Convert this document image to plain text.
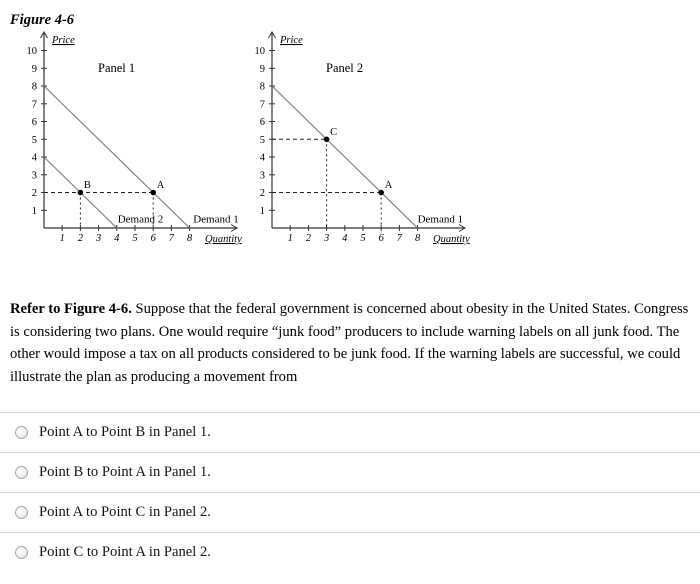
Figure 4-6
1
2
3
4
5
6
7
8
9
10
1 2 3 4 5 6 7 8
Price
Quantity
Panel 1
Demand 1
Demand 2
B	A
1
2
3
4
5
6
7
8
9
10
1 2 3 4 5 6 7 8
Price
Quantity
Panel 2
Demand 1
C
A

Refer to Figure 4-6. Suppose that the federal government is concerned about obesity in the United States. Congress is considering two plans. One would require “junk food” producers to include warning labels on all junk food. The other would impose a tax on all products considered to be junk food. If the warning labels are successful, we could illustrate the plan as producing a movement from

Point A to Point B in Panel 1.
Point B to Point A in Panel 1.
Point A to Point C in Panel 2.
Point C to Point A in Panel 2.
